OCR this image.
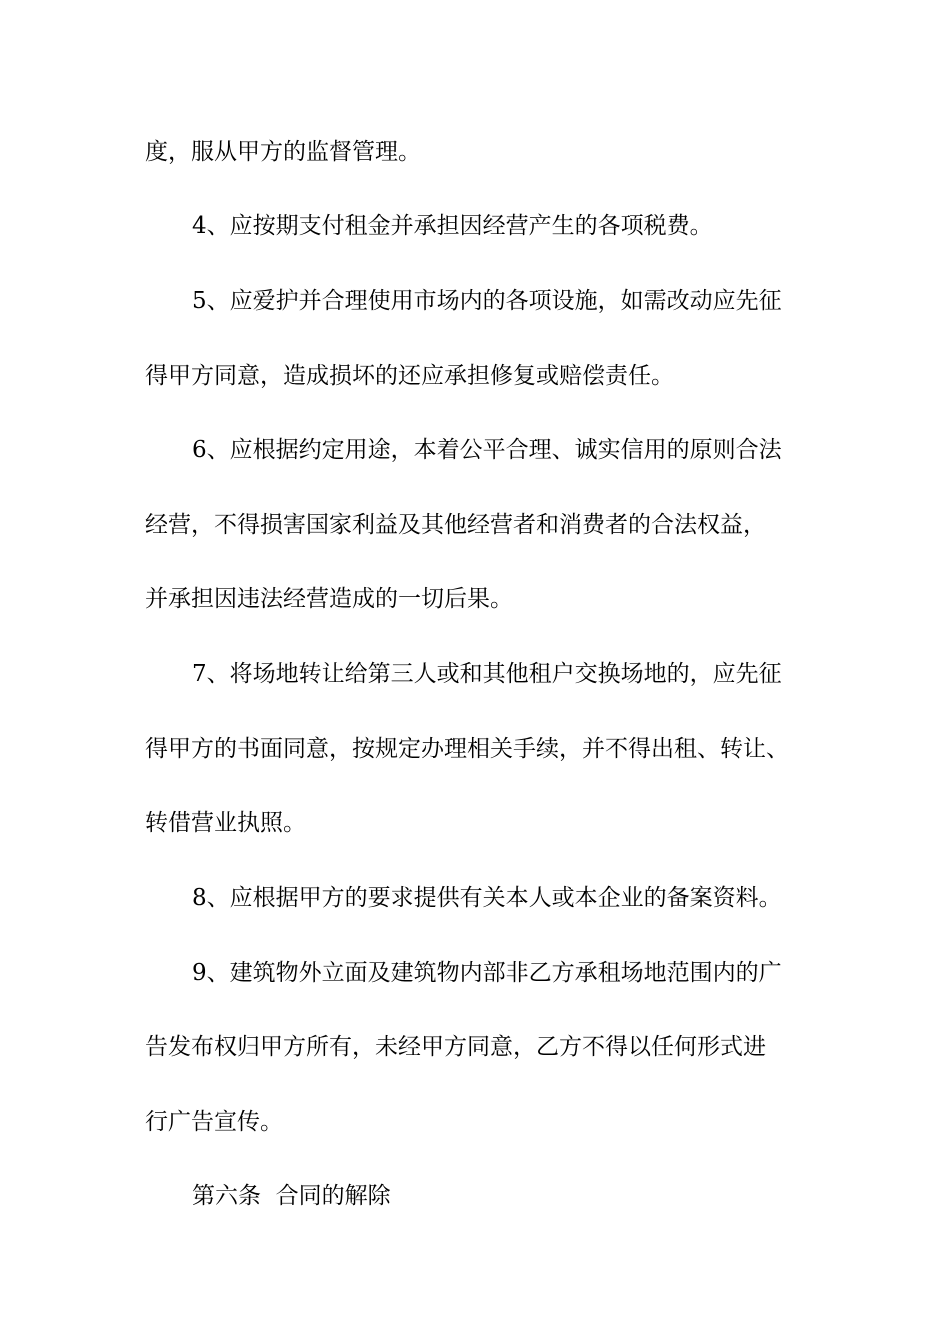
度，服从甲方的监督管理。
4、应按期支付租金并承担因经营产生的各项税费。
5、应爱护并合理使用市场内的各项设施，如需改动应先征
得甲方同意，造成损坏的还应承担修复或赔偿责任。
6、应根据约定用途，本着公平合理、诚实信用的原则合法
经营，不得损害国家利益及其他经营者和消费者的合法权益，
并承担因违法经营造成的一切后果。
7、将场地转让给第三人或和其他租户交换场地的，应先征
得甲方的书面同意，按规定办理相关手续，并不得出租、转让、
转借营业执照。
8、应根据甲方的要求提供有关本人或本企业的备案资料。
9、建筑物外立面及建筑物内部非乙方承租场地范围内的广
告发布权归甲方所有，未经甲方同意，乙方不得以任何形式进
行广告宣传。
第六条  合同的解除
